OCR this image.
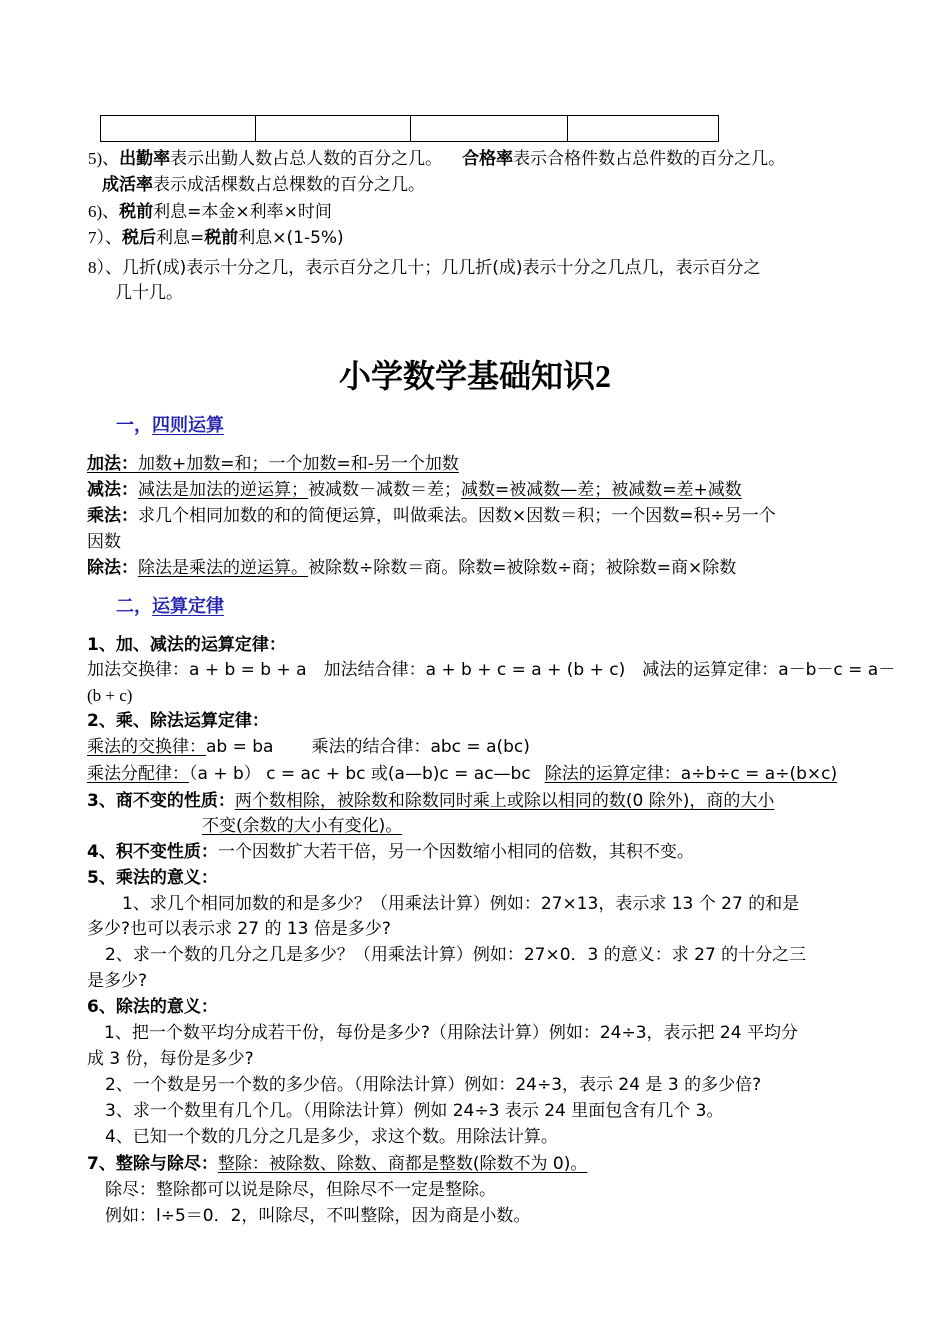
5)、出勤率表示出勤人数占总人数的百分之几。 合格率表示合格件数占总件数的百分之几。
成活率表示成活棵数占总棵数的百分之几。
6)、税前利息=本金×利率×时间
7）、税后利息=税前利息×(1-5%)
8）、几折(成)表示十分之几，表示百分之几十；几几折(成)表示十分之几点几，表示百分之
几十几。
小学数学基础知识2
一，四则运算
加法：加数+加数=和；一个加数=和-另一个加数
减法：减法是加法的逆运算；被减数－减数＝差；减数=被减数—差；被减数=差+减数
乘法：求几个相同加数的和的简便运算，叫做乘法。因数×因数＝积；一个因数=积÷另一个
因数
除法：除法是乘法的逆运算。被除数÷除数＝商。除数=被除数÷商；被除数=商×除数
二，运算定律
1、加、减法的运算定律：
加法交换律：a + b = b + a　加法结合律：a + b + c = a + (b + c)　减法的运算定律：a－b－c = a－
(b + c)
2、乘、除法运算定律：
乘法的交换律：ab = ba 乘法的结合律：abc = a(bc)
乘法分配律：（a + b） c = ac + bc 或(a—b)c = ac—bc 除法的运算定律：a÷b÷c = a÷(b×c)
3、商不变的性质：两个数相除，被除数和除数同时乘上或除以相同的数(0 除外)，商的大小
不变(余数的大小有变化)。
4、积不变性质：一个因数扩大若干倍，另一个因数缩小相同的倍数，其积不变。
5、乘法的意义：
1、求几个相同加数的和是多少？（用乘法计算）例如：27×13，表示求 13 个 27 的和是
多少?也可以表示求 27 的 13 倍是多少?
2、求一个数的几分之几是多少？（用乘法计算）例如：27×0．3 的意义：求 27 的十分之三
是多少?
6、除法的意义：
1、把一个数平均分成若干份，每份是多少?（用除法计算）例如：24÷3，表示把 24 平均分
成 3 份，每份是多少?
2、一个数是另一个数的多少倍。（用除法计算）例如：24÷3，表示 24 是 3 的多少倍?
3、求一个数里有几个几。（用除法计算）例如 24÷3 表示 24 里面包含有几个 3。
4、已知一个数的几分之几是多少，求这个数。用除法计算。
7、整除与除尽：整除：被除数、除数、商都是整数(除数不为 0)。
除尽：整除都可以说是除尽，但除尽不一定是整除。
例如：l÷5＝0．2，叫除尽，不叫整除，因为商是小数。
